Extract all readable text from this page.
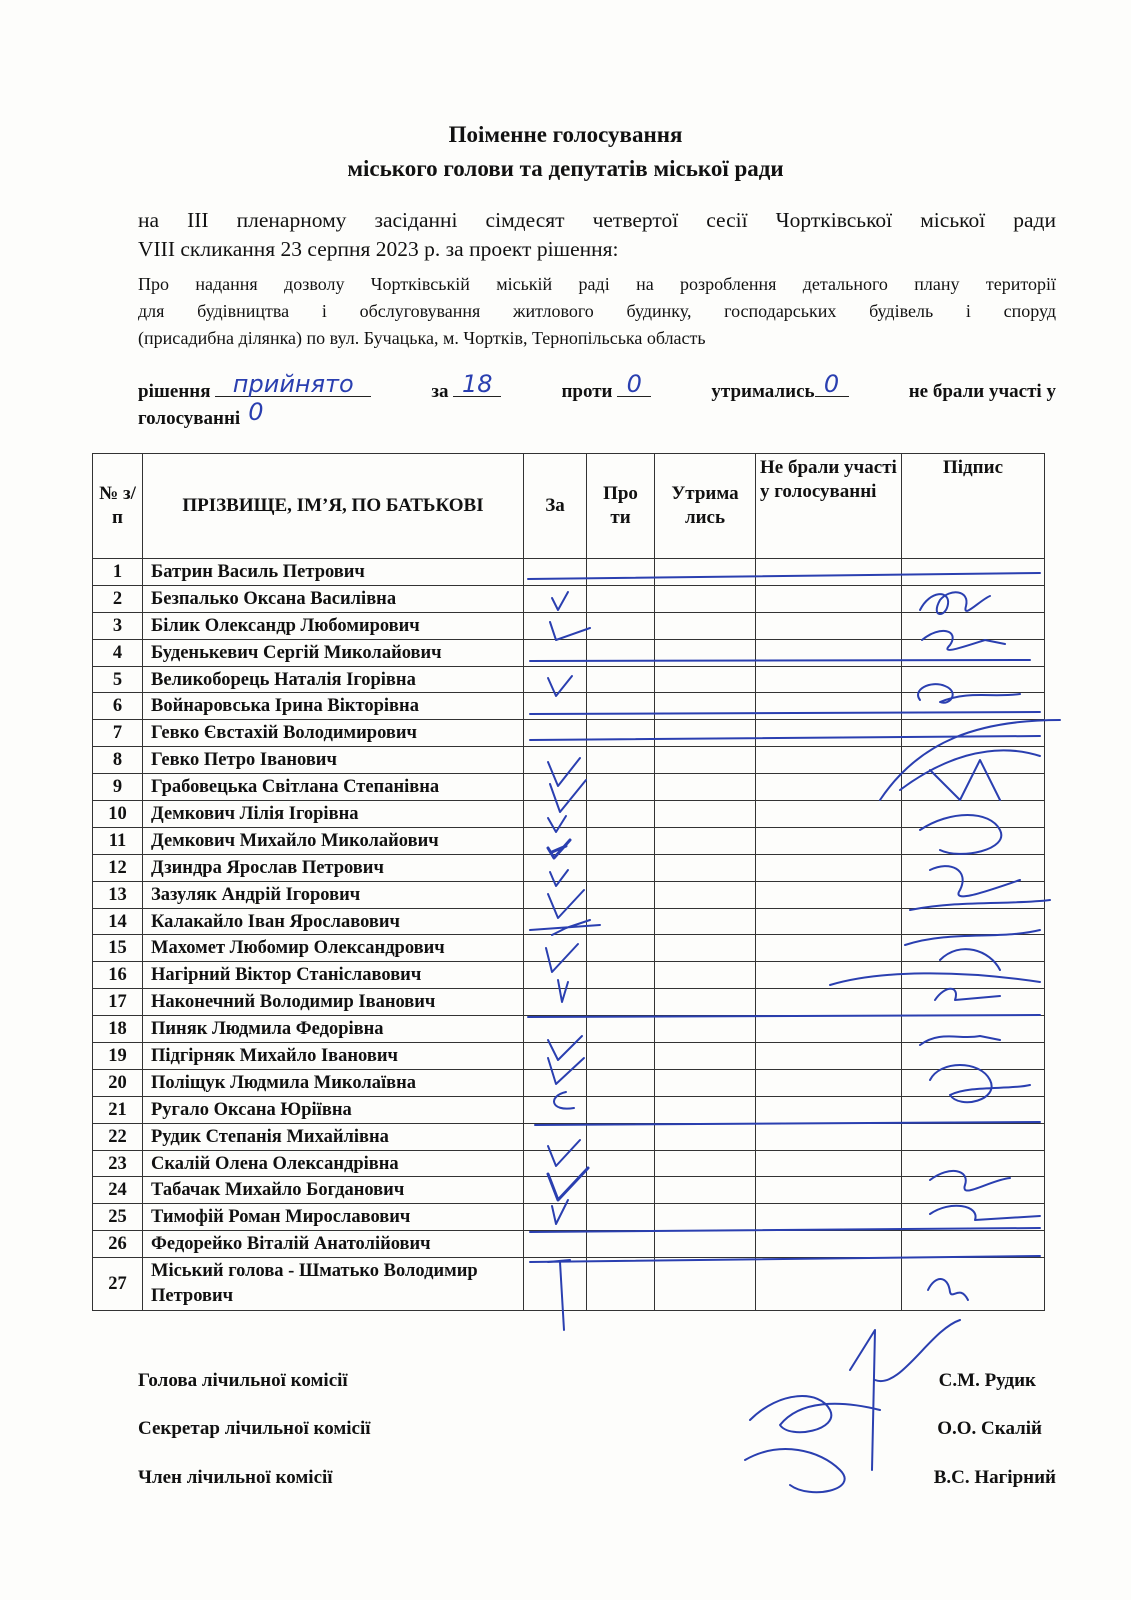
Поіменне голосування
міського голови та депутатів міської ради
на ІІІ пленарному засіданні сімдесят четвертої сесії Чортківської міської ради
VІІІ скликання 23 серпня 2023 р. за проект рішення:
Про надання дозволу Чортківській міській раді на розроблення детального плану території
для будівництва і обслуговування житлового будинку, господарських будівель і споруд
(присадибна ділянка) по вул. Бучацька, м. Чортків, Тернопільська область
рішення прийнято	за 18	проти 0	утримались 0	не брали участі у
голосуванні 0
№ з/п	ПРІЗВИЩЕ, ІМ’Я, ПО БАТЬКОВІ	За	Про ти	Утрима лись	Не брали участі у голосуванні	Підпис
1	Батрин Василь Петрович					
2	Безпалько Оксана Василівна					
3	Білик Олександр Любомирович					
4	Буденькевич Сергій Миколайович					
5	Великоборець Наталія Ігорівна					
6	Войнаровська Ірина Вікторівна					
7	Гевко Євстахій Володимирович					
8	Гевко Петро Іванович					
9	Грабовецька Світлана Степанівна					
10	Демкович Лілія Ігорівна					
11	Демкович Михайло Миколайович					
12	Дзиндра Ярослав Петрович					
13	Зазуляк Андрій Ігорович					
14	Калакайло Іван Ярославович					
15	Махомет Любомир Олександрович					
16	Нагірний Віктор Станіславович					
17	Наконечний Володимир Іванович					
18	Пиняк Людмила Федорівна					
19	Підгірняк Михайло Іванович					
20	Поліщук Людмила Миколаївна					
21	Ругало Оксана Юріївна					
22	Рудик Степанія Михайлівна					
23	Скалій Олена Олександрівна					
24	Табачак Михайло Богданович					
25	Тимофій Роман Мирославович					
26	Федорейко Віталій Анатолійович					
27	Міський голова - Шматько Володимир Петрович					
Голова лічильної комісії	С.М. Рудик
Секретар лічильної комісії	О.О. Скалій
Член лічильної комісії	В.С. Нагірний
